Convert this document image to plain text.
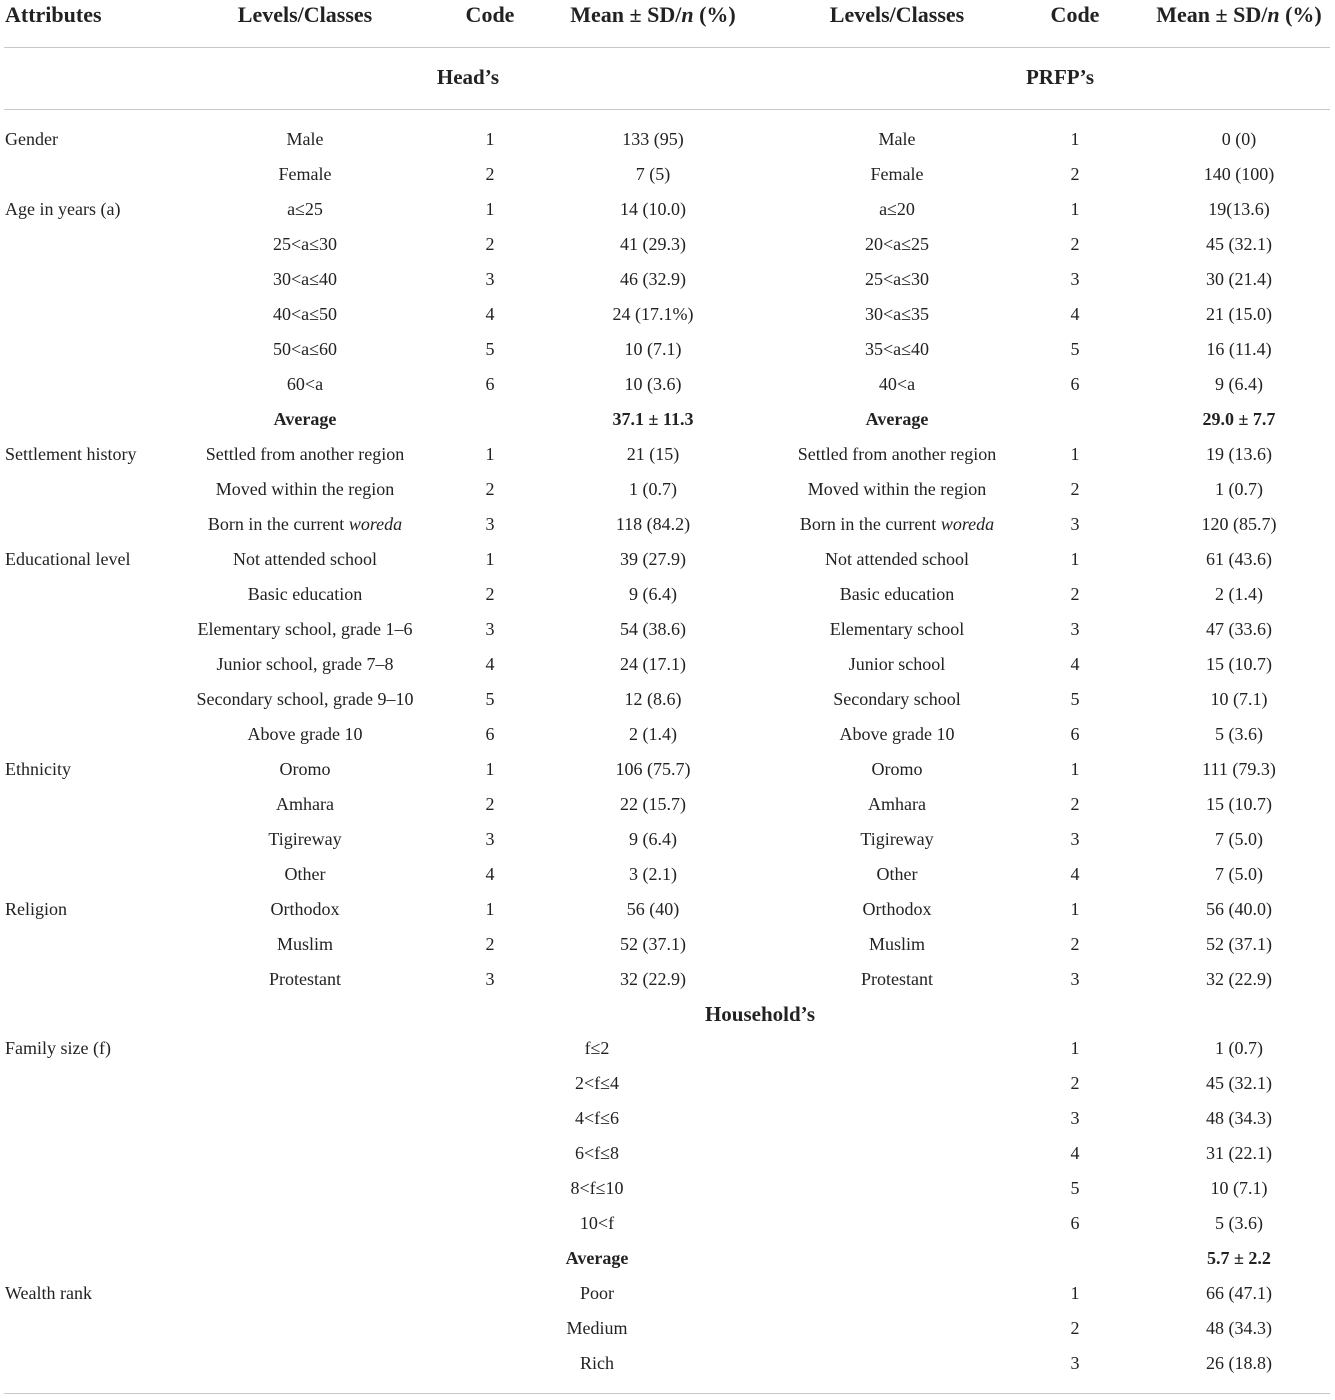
Attributes	Levels/Classes	Code	Mean ± SD/n (%)	Levels/Classes	Code	Mean ± SD/n (%)
Head’s	PRFP’s
Gender	Male	1	133 (95)	Male	1	0 (0)
Female	2	7 (5)	Female	2	140 (100)
Age in years (a)	a≤25	1	14 (10.0)	a≤20	1	19(13.6)
25<a≤30	2	41 (29.3)	20<a≤25	2	45 (32.1)
30<a≤40	3	46 (32.9)	25<a≤30	3	30 (21.4)
40<a≤50	4	24 (17.1%)	30<a≤35	4	21 (15.0)
50<a≤60	5	10 (7.1)	35<a≤40	5	16 (11.4)
60<a	6	10 (3.6)	40<a	6	9 (6.4)
Average	37.1 ± 11.3	Average	29.0 ± 7.7
Settlement history	Settled from another region	1	21 (15)	Settled from another region	1	19 (13.6)
Moved within the region	2	1 (0.7)	Moved within the region	2	1 (0.7)
Born in the current woreda	3	118 (84.2)	Born in the current woreda	3	120 (85.7)
Educational level	Not attended school	1	39 (27.9)	Not attended school	1	61 (43.6)
Basic education	2	9 (6.4)	Basic education	2	2 (1.4)
Elementary school, grade 1–6	3	54 (38.6)	Elementary school	3	47 (33.6)
Junior school, grade 7–8	4	24 (17.1)	Junior school	4	15 (10.7)
Secondary school, grade 9–10	5	12 (8.6)	Secondary school	5	10 (7.1)
Above grade 10	6	2 (1.4)	Above grade 10	6	5 (3.6)
Ethnicity	Oromo	1	106 (75.7)	Oromo	1	111 (79.3)
Amhara	2	22 (15.7)	Amhara	2	15 (10.7)
Tigireway	3	9 (6.4)	Tigireway	3	7 (5.0)
Other	4	3 (2.1)	Other	4	7 (5.0)
Religion	Orthodox	1	56 (40)	Orthodox	1	56 (40.0)
Muslim	2	52 (37.1)	Muslim	2	52 (37.1)
Protestant	3	32 (22.9)	Protestant	3	32 (22.9)
Household’s
Family size (f)	f≤2	1	1 (0.7)
2<f≤4	2	45 (32.1)
4<f≤6	3	48 (34.3)
6<f≤8	4	31 (22.1)
8<f≤10	5	10 (7.1)
10<f	6	5 (3.6)
Average	5.7 ± 2.2
Wealth rank	Poor	1	66 (47.1)
Medium	2	48 (34.3)
Rich	3	26 (18.8)
